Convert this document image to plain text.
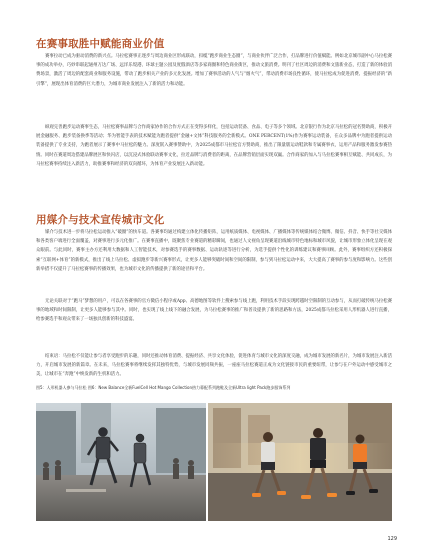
在赛事取胜中赋能商业价值

赛事拉动已成为驱动消费的新兴点。马拉松赛事正逐步与周边商业区形成联动，扣缆“跑步商业生态圈”，与商业伙伴广泛合作，打品牌进行价值赋能。例如北京城市副中心马拉松赛事的成功举办，巧妙串联起通州万达广场、远洋乐堤港、环球主题公园及度假酒店等多家商圈和特色商业街区，推动文旅消费。明刊了社区周边的消费和文旅新业态，打造了新的体验消费场景，激活了周边的配套商业和服务设施，带动了跑步相关产业的多元化发展。增加了赛事活动的人气与“烟火气”，带动消费市场良性循环，使马拉松成为促进消费、提振经济的“新引擎”，展现出体育消费的巨大潜力，为城市商业发展注入了新的活力和动能。

纵观完善跑步运动赛事生态，马拉松赛事品牌与合作商家协作的合作方式正在变得多样化，包括运动装备、食品、电子等多个领域。北京银行作为北京马拉松的冠名赞助商，积极开展金融服务、跑步装备换季等活动；华为智能手表的技术赋能为跑者提供“金融+文体”科技服务的全新模式。ONE PERCENT(1%)作为赛事运动装备，在众多品牌中为跑者提供运动装备提供了专业支持，为跑者展示了赛事中马拉松的魅力。深度嵌入赛事赞助中，为2025成都市马拉松官方赞助商，推出了限量版运动鞋款和专属赛事衣，运用产品和服务激发参赛热情。同时在赛道周边搭建品牌展区和快闪店，以沉浸式体验联动赛事文化，拉近品牌与消费者的距离，在品牌营销层面实现双赢。合作商家的加入与马拉松赛事相互赋能、共同成长，为马拉松赛事持续注入新活力，助推赛事和经济的双向循环，为体育产业发展注入新动能。

用媒介与技术宣传城市文化

媒介与技术进一步将马拉松运动推入“破圈”的快车道。各赛事均通过构建立体化传播矩阵，运用纸质媒体、电视媒体、广播媒体等传统媒体结合微博、微信、抖音、快手等社交媒体和各类客户端进行全面覆盖，对赛事进行多元化推广。在赛事直播中，既聚焦专业赛道的精彩瞬间，也通过人文视角呈现赛道沿线城市特色地标和城市风貌，让城市形象立体化呈现在观众眼前。与此同时，赛事主办方还利用大数据和人工智能技术，对参赛选手的赛事数据、运动轨迹等进行分析，为选手提供个性化的训练建议和赛事回顾。此外，赛事组织方还积极探索“互联网+体育”的新模式，推出了线上马拉松、虚拟跑步等新兴赛事形式，让更多人能够突破时间和空间的限制，参与到马拉松运动中来，大大提高了赛事的参与度和影响力。这些创新举措不仅提升了马拉松赛事的传播效果，也为城市文化的传播提供了新的途径和平台。

无论关联对于“跑马”梦想的用户，可以在各赛事的官方微信小程序或App、高德地图等软件上搜索参与线上跑，利用技术手段实现跨越时空限制的互动参与，从而打破传统马拉松赛事的地域和时间限制，让更多人能够参与其中。同时，也实现了线上线下的融合发展，为马拉松赛事的推广和普及提供了新的思路和方法，2025成都马拉松采用人形机器人进行直播，给参赛选手和观众带来了一场独具创新的科技盛宴。

结束语：马拉松不仅能让参与者享受跑步的乐趣，同时还推动体育消费、提振经济、共享文化体验，促进体育与城市文化的深度交融，成为城市发展的新名片，为城市发展注入新活力，开启城市发展的新篇章。在未来，马拉松赛事将继续发挥其独特优势，与城市发展同频共振，一座座马拉松赛道正成为文化链接市民的重要纽带，让参与在户外运动中感受城市之美，让城市在“奔跑”中焕发新的生机和活力。

图5：人形机器人参与马拉松 图6：New Balance全新FuelCell Hot Mango Collection热力幕配系列跑鞋及全新Ultra light Pack跑步服饰系列

129
